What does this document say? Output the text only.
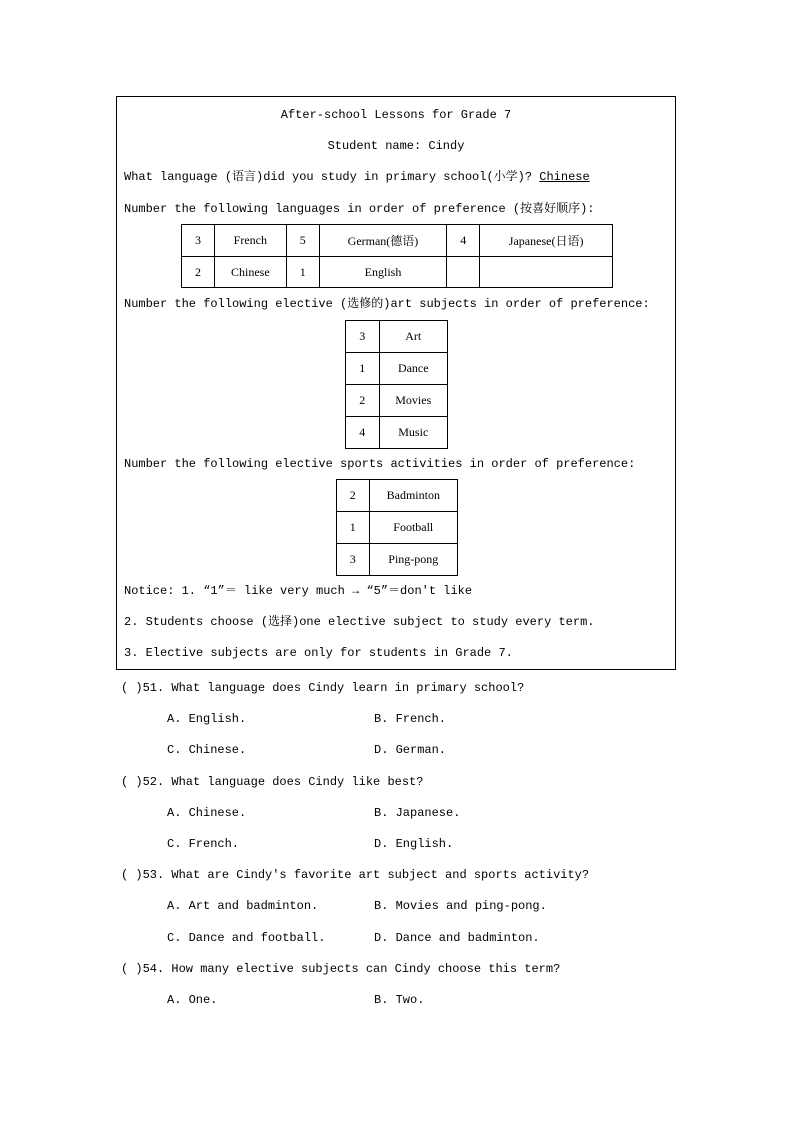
After-school Lessons for Grade 7
Student name: Cindy
What language (语言)did you study in primary school(小学)? Chinese
Number the following languages in order of preference (按喜好顺序):
3	French	5	German(德语)	4	Japanese(日语)
2	Chinese	1	English		
Number the following elective (选修的)art subjects in order of preference:
3	Art
1	Dance
2	Movies
4	Music
Number the following elective sports activities in order of preference:
2	Badminton
1	Football
3	Ping-pong
Notice: 1. “1”＝ like very much → “5”＝don't like
2. Students choose (选择)one elective subject to study every term.
3. Elective subjects are only for students in Grade 7.
( )51. What language does Cindy learn in primary school?
A. English.	B. French.
C. Chinese.	D. German.
( )52. What language does Cindy like best?
A. Chinese.	B. Japanese.
C. French.	D. English.
( )53. What are Cindy's favorite art subject and sports activity?
A. Art and badminton.	B. Movies and ping-pong.
C. Dance and football.	D. Dance and badminton.
( )54. How many elective subjects can Cindy choose this term?
A. One.	B. Two.
